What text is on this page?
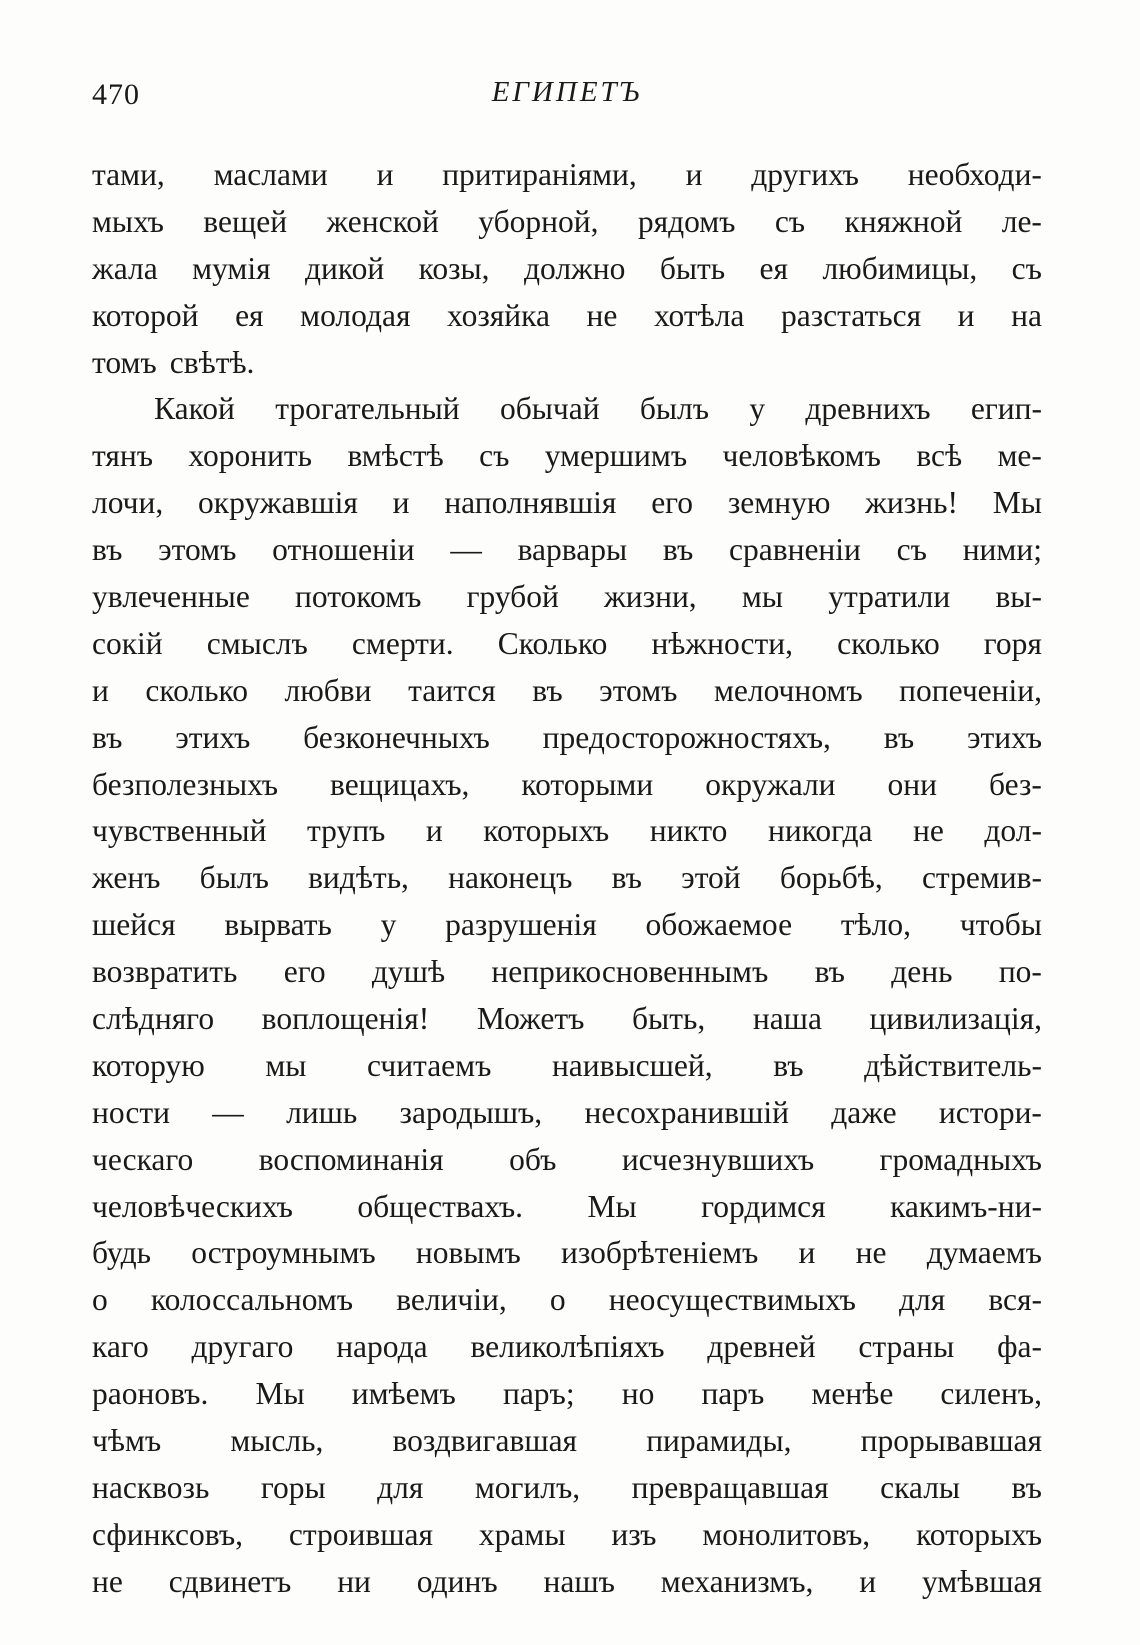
470	ЕГИПЕТЪ
тами, маслами и притираніями, и другихъ необходи-
мыхъ вещей женской уборной, рядомъ съ княжной ле-
жала мумія дикой козы, должно быть ея любимицы, съ
которой ея молодая хозяйка не хотѣла разстаться и на
томъ свѣтѣ.
Какой трогательный обычай былъ у древнихъ егип-
тянъ хоронить вмѣстѣ съ умершимъ человѣкомъ всѣ ме-
лочи, окружавшія и наполнявшія его земную жизнь! Мы
въ этомъ отношеніи — варвары въ сравненіи съ ними;
увлеченные потокомъ грубой жизни, мы утратили вы-
сокій смыслъ смерти. Сколько нѣжности, сколько горя
и сколько любви таится въ этомъ мелочномъ попеченіи,
въ этихъ безконечныхъ предосторожностяхъ, въ этихъ
безполезныхъ вещицахъ, которыми окружали они без-
чувственный трупъ и которыхъ никто никогда не дол-
женъ былъ видѣть, наконецъ въ этой борьбѣ, стремив-
шейся вырвать у разрушенія обожаемое тѣло, чтобы
возвратить его душѣ неприкосновеннымъ въ день по-
слѣдняго воплощенія! Можетъ быть, наша цивилизація,
которую мы считаемъ наивысшей, въ дѣйствитель-
ности — лишь зародышъ, несохранившій даже истори-
ческаго воспоминанія объ исчезнувшихъ громадныхъ
человѣческихъ обществахъ. Мы гордимся какимъ-ни-
будь остроумнымъ новымъ изобрѣтеніемъ и не думаемъ
о колоссальномъ величіи, о неосуществимыхъ для вся-
каго другаго народа великолѣпіяхъ древней страны фа-
раоновъ. Мы имѣемъ паръ; но паръ менѣе силенъ,
чѣмъ мысль, воздвигавшая пирамиды, прорывавшая
насквозь горы для могилъ, превращавшая скалы въ
сфинксовъ, строившая храмы изъ монолитовъ, которыхъ
не сдвинетъ ни одинъ нашъ механизмъ, и умѣвшая
